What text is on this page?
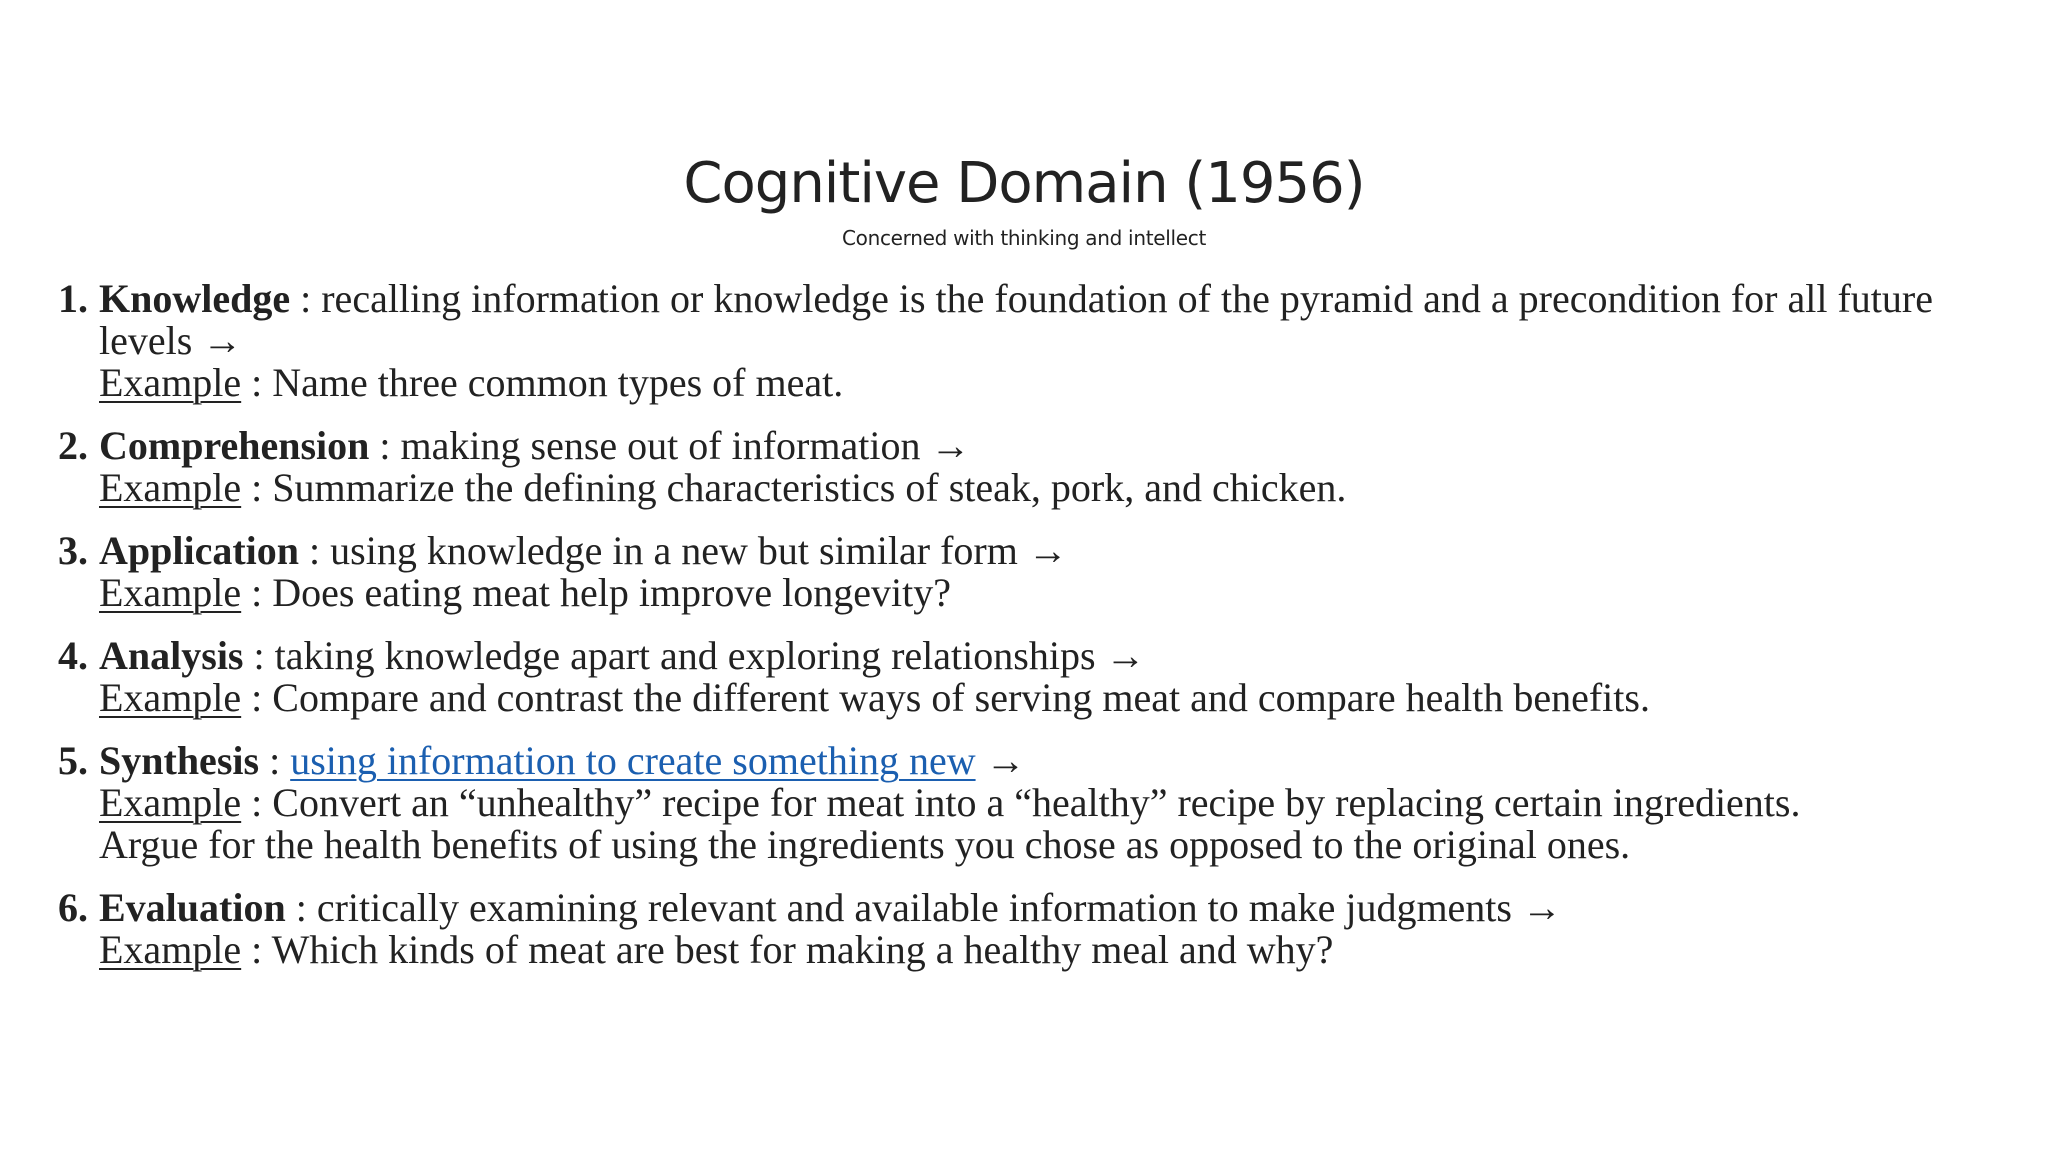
Cognitive Domain (1956)
Concerned with thinking and intellect
1. Knowledge : recalling information or knowledge is the foundation of the pyramid and a precondition for all future levels →
Example : Name three common types of meat.
2. Comprehension : making sense out of information →
Example : Summarize the defining characteristics of steak, pork, and chicken.
3. Application : using knowledge in a new but similar form →
Example : Does eating meat help improve longevity?
4. Analysis : taking knowledge apart and exploring relationships →
Example : Compare and contrast the different ways of serving meat and compare health benefits.
5. Synthesis : using information to create something new →
Example : Convert an “unhealthy” recipe for meat into a “healthy” recipe by replacing certain ingredients.
Argue for the health benefits of using the ingredients you chose as opposed to the original ones.
6. Evaluation : critically examining relevant and available information to make judgments →
Example : Which kinds of meat are best for making a healthy meal and why?
